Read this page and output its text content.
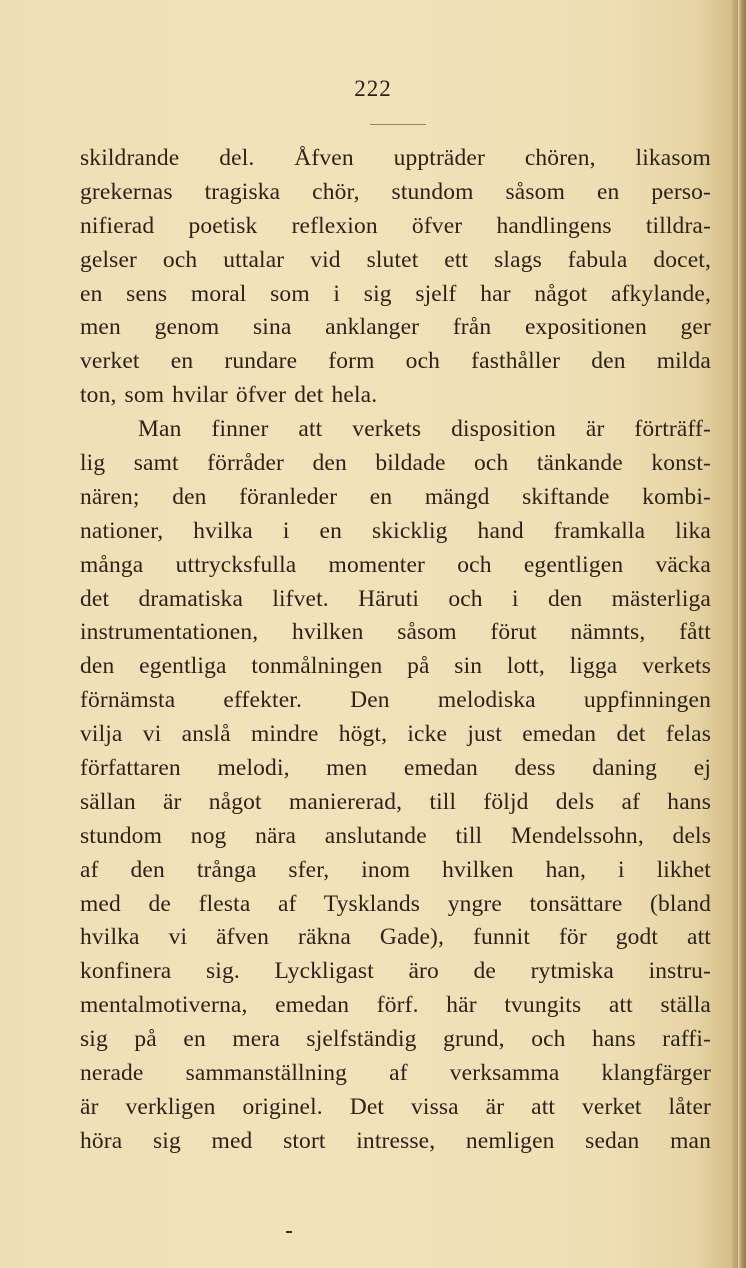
222
skildrande del. Åfven uppträder chören, likasom
grekernas tragiska chör, stundom såsom en perso-
nifierad poetisk reflexion öfver handlingens tilldra-
gelser och uttalar vid slutet ett slags fabula docet,
en sens moral som i sig sjelf har något afkylande,
men genom sina anklanger från expositionen ger
verket en rundare form och fasthåller den milda
ton, som hvilar öfver det hela.
Man finner att verkets disposition är förträff-
lig samt förråder den bildade och tänkande konst-
nären; den föranleder en mängd skiftande kombi-
nationer, hvilka i en skicklig hand framkalla lika
många uttrycksfulla momenter och egentligen väcka
det dramatiska lifvet. Häruti och i den mästerliga
instrumentationen, hvilken såsom förut nämnts, fått
den egentliga tonmålningen på sin lott, ligga verkets
förnämsta effekter. Den melodiska uppfinningen
vilja vi anslå mindre högt, icke just emedan det felas
författaren melodi, men emedan dess daning ej
sällan är något maniererad, till följd dels af hans
stundom nog nära anslutande till Mendelssohn, dels
af den trånga sfer, inom hvilken han, i likhet
med de flesta af Tysklands yngre tonsättare (bland
hvilka vi äfven räkna Gade), funnit för godt att
konfinera sig. Lyckligast äro de rytmiska instru-
mentalmotiverna, emedan förf. här tvungits att ställa
sig på en mera sjelfständig grund, och hans raffi-
nerade sammanställning af verksamma klangfärger
är verkligen originel. Det vissa är att verket låter
höra sig med stort intresse, nemligen sedan man
